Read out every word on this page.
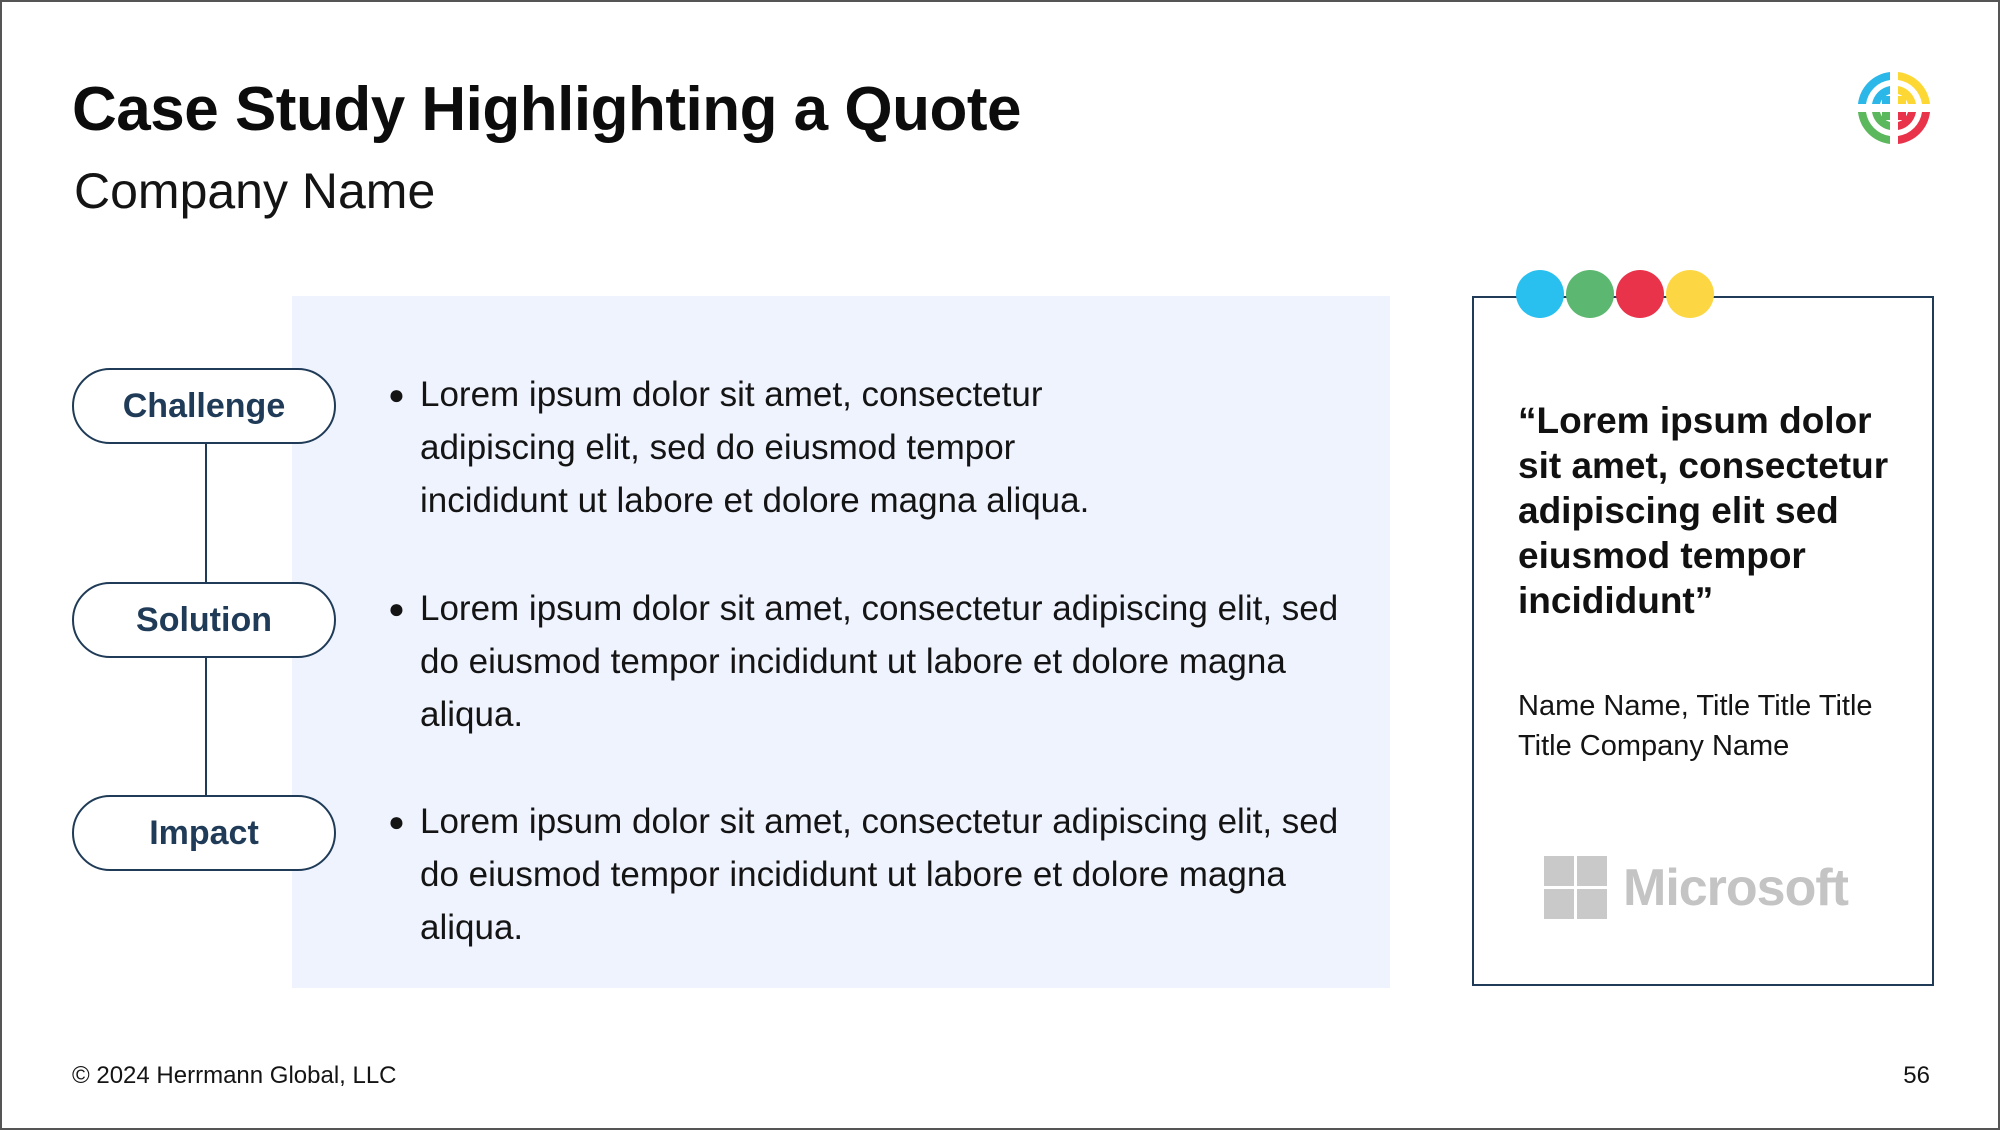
Case Study Highlighting a Quote
Company Name
Challenge
Solution
Impact
● Lorem ipsum dolor sit amet, consectetur adipiscing elit, sed do eiusmod tempor incididunt ut labore et dolore magna aliqua.
● Lorem ipsum dolor sit amet, consectetur adipiscing elit, sed do eiusmod tempor incididunt ut labore et dolore magna aliqua.
● Lorem ipsum dolor sit amet, consectetur adipiscing elit, sed do eiusmod tempor incididunt ut labore et dolore magna aliqua.
“Lorem ipsum dolor sit amet, consectetur adipiscing elit sed eiusmod tempor incididunt”
Name Name, Title Title Title Title Company Name
Microsoft
© 2024 Herrmann Global, LLC	56
